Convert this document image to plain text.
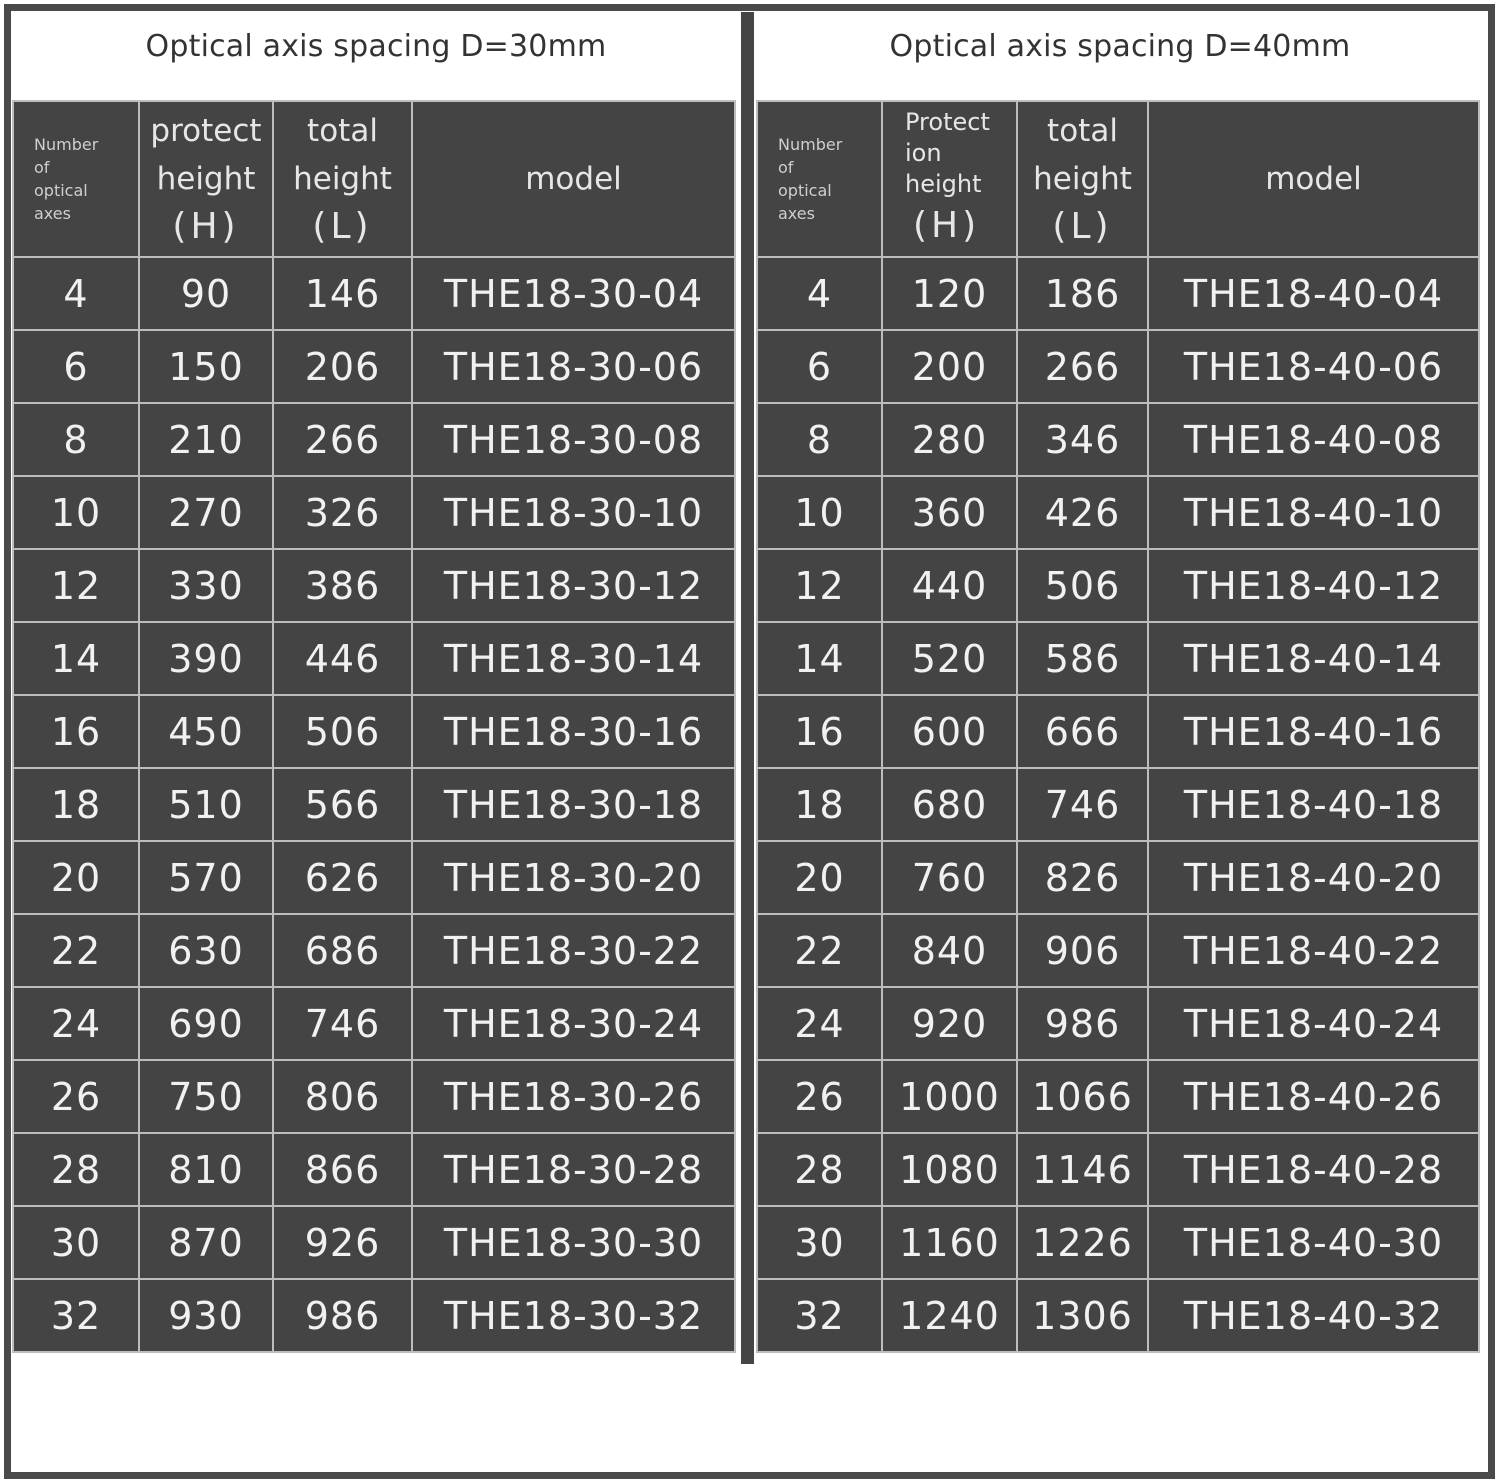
Optical axis spacing D=30mm
Number
of
optical
axes	protect
height
(H)	total
height
(L)	model
4	90	146	THE18-30-04
6	150	206	THE18-30-06
8	210	266	THE18-30-08
10	270	326	THE18-30-10
12	330	386	THE18-30-12
14	390	446	THE18-30-14
16	450	506	THE18-30-16
18	510	566	THE18-30-18
20	570	626	THE18-30-20
22	630	686	THE18-30-22
24	690	746	THE18-30-24
26	750	806	THE18-30-26
28	810	866	THE18-30-28
30	870	926	THE18-30-30
32	930	986	THE18-30-32
Optical axis spacing D=40mm
Number
of
optical
axes	Protect
ion
height
(H)	total
height
(L)	model
4	120	186	THE18-40-04
6	200	266	THE18-40-06
8	280	346	THE18-40-08
10	360	426	THE18-40-10
12	440	506	THE18-40-12
14	520	586	THE18-40-14
16	600	666	THE18-40-16
18	680	746	THE18-40-18
20	760	826	THE18-40-20
22	840	906	THE18-40-22
24	920	986	THE18-40-24
26	1000	1066	THE18-40-26
28	1080	1146	THE18-40-28
30	1160	1226	THE18-40-30
32	1240	1306	THE18-40-32
